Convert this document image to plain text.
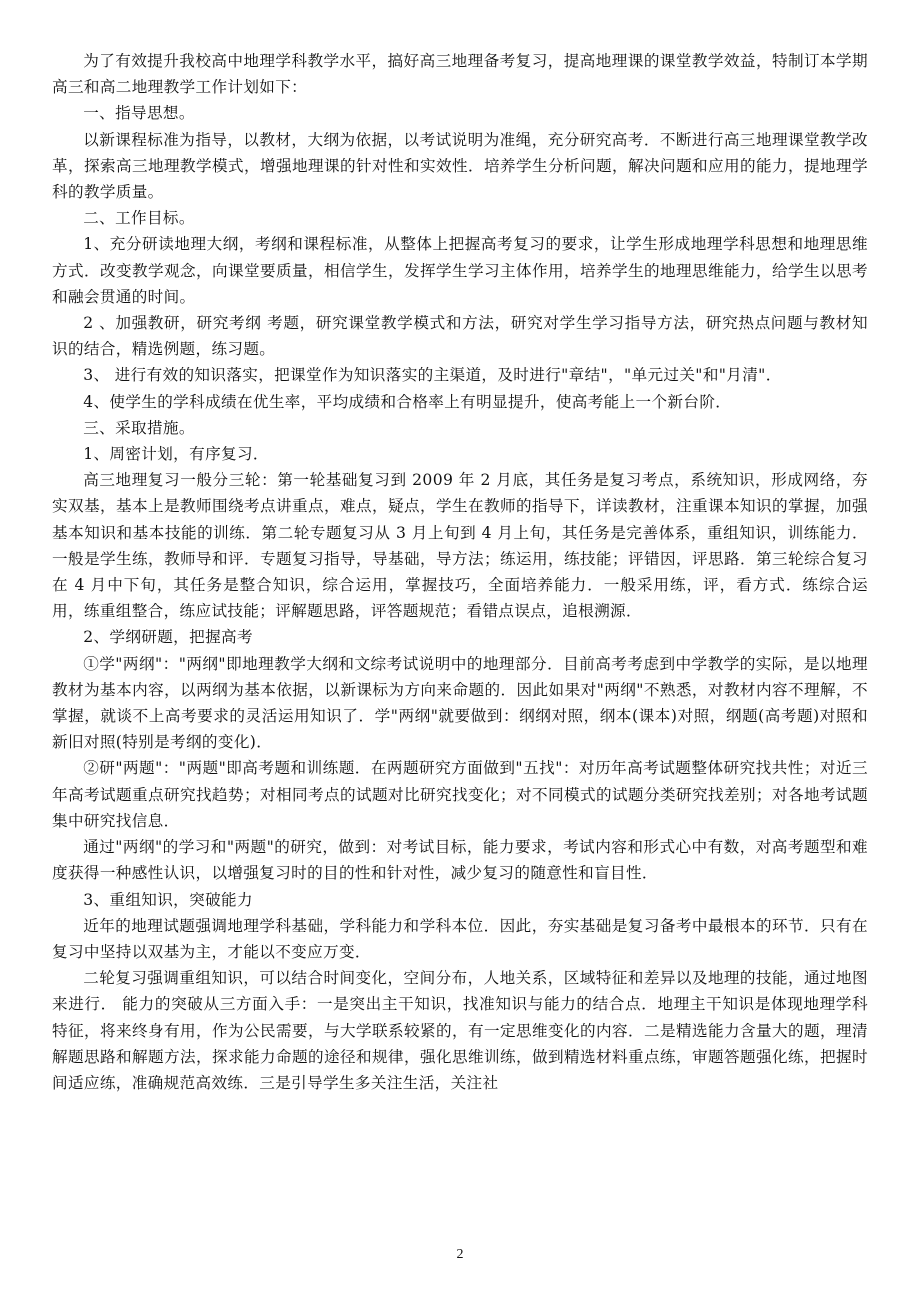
为了有效提升我校高中地理学科教学水平，搞好高三地理备考复习，提高地理课的课堂教学效益，特制订本学期高三和高二地理教学工作计划如下：

一、指导思想。

以新课程标准为指导，以教材，大纲为依据，以考试说明为准绳，充分研究高考．不断进行高三地理课堂教学改革，探索高三地理教学模式，增强地理课的针对性和实效性．培养学生分析问题，解决问题和应用的能力，提地理学科的教学质量。

二、工作目标。

1、充分研读地理大纲，考纲和课程标准，从整体上把握高考复习的要求，让学生形成地理学科思想和地理思维方式．改变教学观念，向课堂要质量，相信学生，发挥学生学习主体作用，培养学生的地理思维能力，给学生以思考和融会贯通的时间。

2 、加强教研，研究考纲 考题，研究课堂教学模式和方法，研究对学生学习指导方法，研究热点问题与教材知识的结合，精选例题，练习题。

3、 进行有效的知识落实，把课堂作为知识落实的主渠道，及时进行"章结"，"单元过关"和"月清"．

4、使学生的学科成绩在优生率，平均成绩和合格率上有明显提升，使高考能上一个新台阶．

三、采取措施。

1、周密计划，有序复习．

高三地理复习一般分三轮：第一轮基础复习到 2009 年 2 月底，其任务是复习考点，系统知识，形成网络，夯实双基，基本上是教师围绕考点讲重点，难点，疑点，学生在教师的指导下，详读教材，注重课本知识的掌握，加强基本知识和基本技能的训练．第二轮专题复习从 3 月上旬到 4 月上旬，其任务是完善体系，重组知识，训练能力．一般是学生练，教师导和评．专题复习指导，导基础，导方法；练运用，练技能；评错因，评思路．第三轮综合复习在 4 月中下旬，其任务是整合知识，综合运用，掌握技巧，全面培养能力．一般采用练，评，看方式．练综合运用，练重组整合，练应试技能；评解题思路，评答题规范；看错点误点，追根溯源．

2、学纲研题，把握高考

①学"两纲"："两纲"即地理教学大纲和文综考试说明中的地理部分．目前高考考虑到中学教学的实际，是以地理教材为基本内容，以两纲为基本依据，以新课标为方向来命题的．因此如果对"两纲"不熟悉，对教材内容不理解，不掌握，就谈不上高考要求的灵活运用知识了．学"两纲"就要做到：纲纲对照，纲本(课本)对照，纲题(高考题)对照和新旧对照(特别是考纲的变化)．

②研"两题"："两题"即高考题和训练题．在两题研究方面做到"五找"：对历年高考试题整体研究找共性；对近三年高考试题重点研究找趋势；对相同考点的试题对比研究找变化；对不同模式的试题分类研究找差别；对各地考试题集中研究找信息．

通过"两纲"的学习和"两题"的研究，做到：对考试目标，能力要求，考试内容和形式心中有数，对高考题型和难度获得一种感性认识，以增强复习时的目的性和针对性，减少复习的随意性和盲目性．

3、重组知识，突破能力

近年的地理试题强调地理学科基础，学科能力和学科本位．因此，夯实基础是复习备考中最根本的环节．只有在复习中坚持以双基为主，才能以不变应万变．

二轮复习强调重组知识，可以结合时间变化，空间分布，人地关系，区域特征和差异以及地理的技能，通过地图来进行． 能力的突破从三方面入手：一是突出主干知识，找准知识与能力的结合点．地理主干知识是体现地理学科特征，将来终身有用，作为公民需要，与大学联系较紧的，有一定思维变化的内容．二是精选能力含量大的题，理清解题思路和解题方法，探求能力命题的途径和规律，强化思维训练，做到精选材料重点练，审题答题强化练，把握时间适应练，准确规范高效练．三是引导学生多关注生活，关注社

2
